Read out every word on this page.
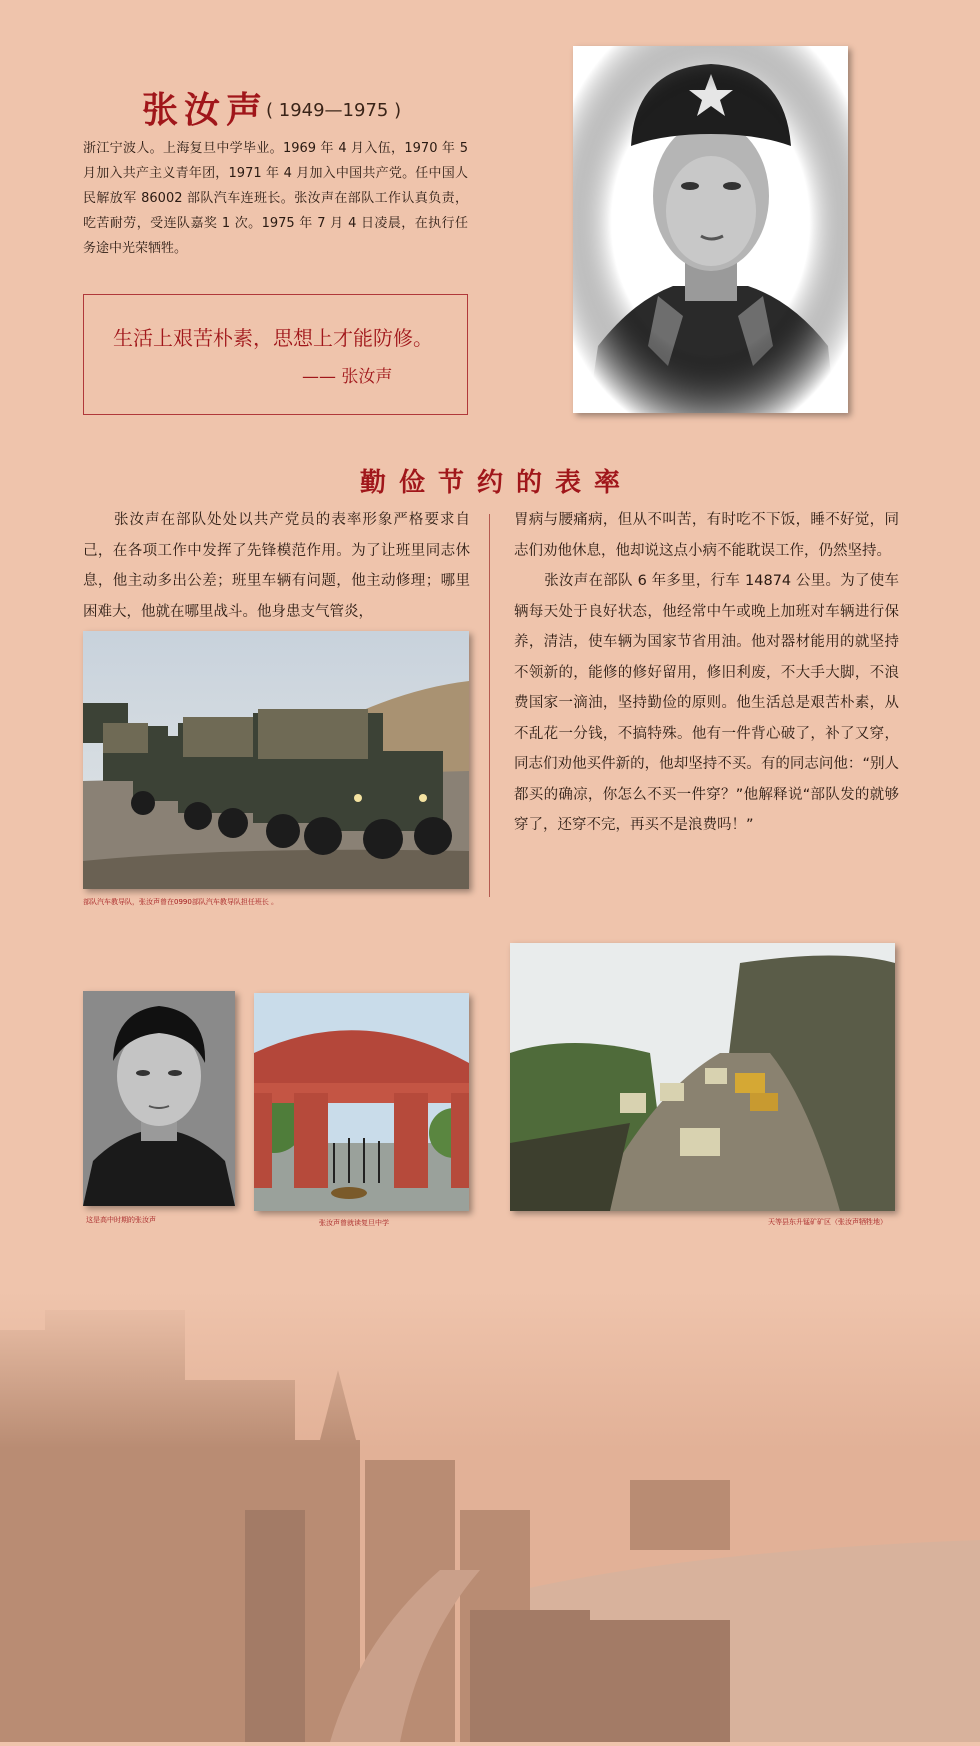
张汝声
( 1949—1975 )
浙江宁波人。上海复旦中学毕业。1969 年 4 月入伍，1970 年 5 月加入共产主义青年团，1971 年 4 月加入中国共产党。任中国人民解放军 86002 部队汽车连班长。张汝声在部队工作认真负责，吃苦耐劳，受连队嘉奖 1 次。1975 年 7 月 4 日凌晨，在执行任务途中光荣牺牲。
生活上艰苦朴素，思想上才能防修。
—— 张汝声
勤俭节约的表率
张汝声在部队处处以共产党员的表率形象严格要求自己，在各项工作中发挥了先锋模范作用。为了让班里同志休息，他主动多出公差；班里车辆有问题，他主动修理；哪里困难大，他就在哪里战斗。他身患支气管炎，
部队汽车教导队，张汝声曾在0990部队汽车教导队担任班长 。
胃病与腰痛病，但从不叫苦，有时吃不下饭，睡不好觉，同志们劝他休息，他却说这点小病不能耽误工作，仍然坚持。
张汝声在部队 6 年多里，行车 14874 公里。为了使车辆每天处于良好状态，他经常中午或晚上加班对车辆进行保养，清洁，使车辆为国家节省用油。他对器材能用的就坚持不领新的，能修的修好留用，修旧利废，不大手大脚，不浪费国家一滴油，坚持勤俭的原则。他生活总是艰苦朴素，从不乱花一分钱，不搞特殊。他有一件背心破了，补了又穿，同志们劝他买件新的，他却坚持不买。有的同志问他：“别人都买的确凉，你怎么不买一件穿？”他解释说“部队发的就够穿了，还穿不完，再买不是浪费吗！”
这是高中时期的张汝声	张汝声曾就读复旦中学	天等县东升锰矿矿区（张汝声牺牲地）
